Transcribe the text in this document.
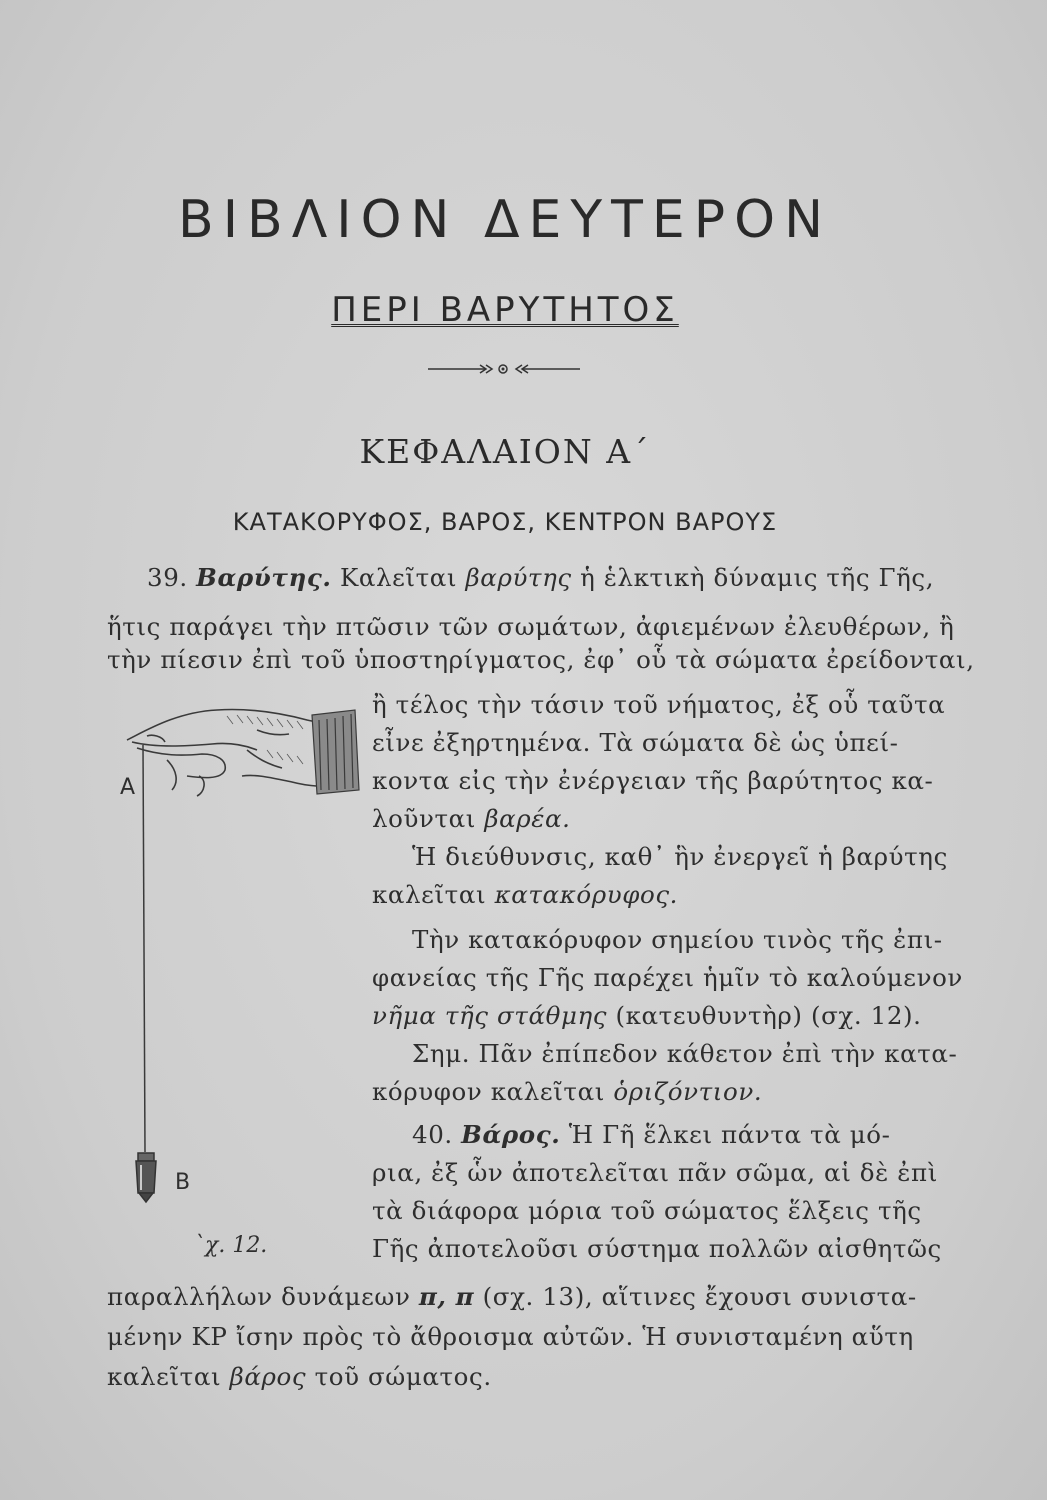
ΒΙΒΛΙΟΝ ΔΕΥΤΕΡΟΝ
ΠΕΡΙ ΒΑΡΥΤΗΤΟΣ
ΚΕΦΑΛΑΙΟΝ Α΄
ΚΑΤΑΚΟΡΥΦΟΣ, ΒΑΡΟΣ, ΚΕΝΤΡΟΝ ΒΑΡΟΥΣ
39. Βαρύτης. Καλεῖται βαρύτης ἡ ἑλκτικὴ δύναμις τῆς Γῆς,
ἥτις παράγει τὴν πτῶσιν τῶν σωμάτων, ἀφιεμένων ἐλευθέρων, ἢ
τὴν πίεσιν ἐπὶ τοῦ ὑποστηρίγματος, ἐφ᾽ οὗ τὰ σώματα ἐρείδονται,
ἢ τέλος τὴν τάσιν τοῦ νήματος, ἐξ οὗ ταῦτα
εἶνε ἐξηρτημένα. Τὰ σώματα δὲ ὡς ὑπεί-
κοντα εἰς τὴν ἐνέργειαν τῆς βαρύτητος κα-
λοῦνται βαρέα.
Ἡ διεύθυνσις, καθ᾽ ἣν ἐνεργεῖ ἡ βαρύτης
καλεῖται κατακόρυφος.
Τὴν κατακόρυφον σημείου τινὸς τῆς ἐπι-
φανείας τῆς Γῆς παρέχει ἡμῖν τὸ καλούμενον
νῆμα τῆς στάθμης (κατευθυντὴρ) (σχ. 12).
Σημ. Πᾶν ἐπίπεδον κάθετον ἐπὶ τὴν κατα-
κόρυφον καλεῖται ὁριζόντιον.
40. Βάρος. Ἡ Γῆ ἕλκει πάντα τὰ μό-
ρια, ἐξ ὧν ἀποτελεῖται πᾶν σῶμα, αἱ δὲ ἐπὶ
τὰ διάφορα μόρια τοῦ σώματος ἕλξεις τῆς
Γῆς ἀποτελοῦσι σύστημα πολλῶν αἰσθητῶς
παραλλήλων δυνάμεων π, π (σχ. 13), αἵτινες ἔχουσι συνιστα-
μένην ΚΡ ἴσην πρὸς τὸ ἄθροισμα αὐτῶν. Ἡ συνισταμένη αὕτη
καλεῖται βάρος τοῦ σώματος.
A
B
`χ. 12.
